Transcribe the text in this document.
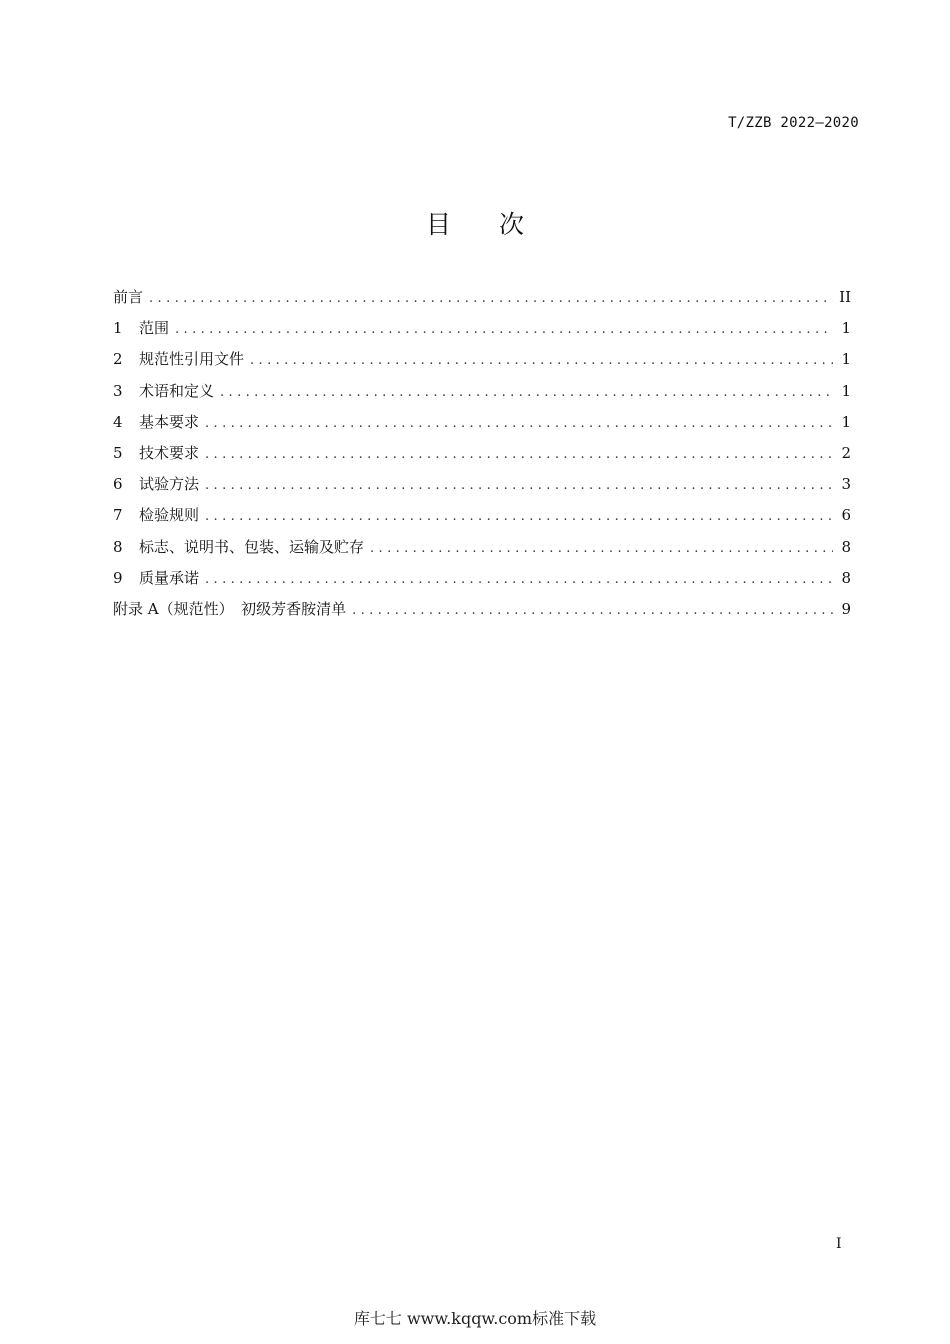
T/ZZB 2022—2020
目次
前言 .....	II
1	范围 .....	1
2	规范性引用文件 .....	1
3	术语和定义 .....	1
4	基本要求 .....	1
5	技术要求 .....	2
6	试验方法 .....	3
7	检验规则 .....	6
8	标志、说明书、包装、运输及贮存 .....	8
9	质量承诺 .....	8
附录 A（规范性）　初级芳香胺清单 .....	9
I
库七七 www.kqqw.com标准下载
